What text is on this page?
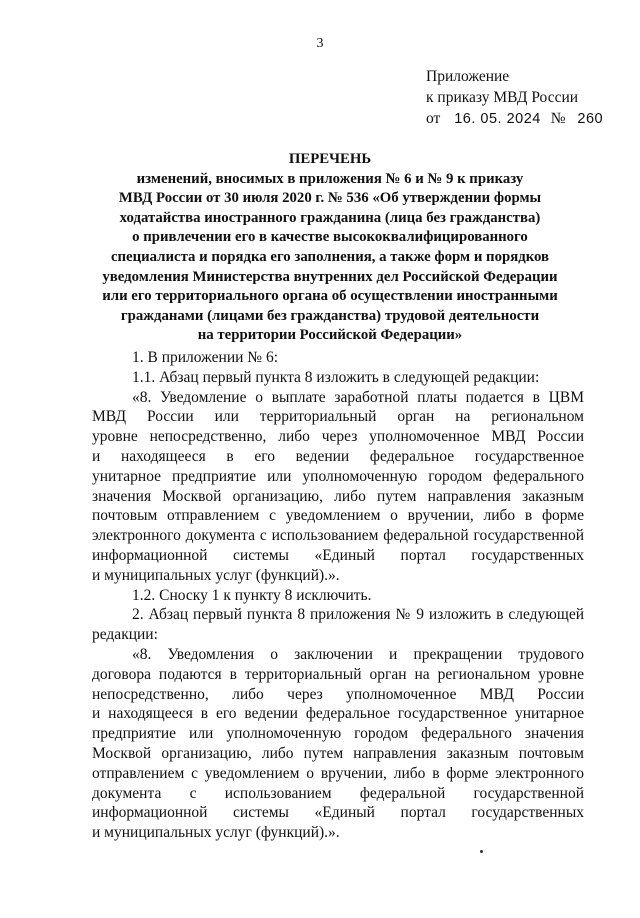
3
Приложение
к приказу МВД России
от 16. 05. 2024 № 260
ПЕРЕЧЕНЬ
изменений, вносимых в приложения № 6 и № 9 к приказу
МВД России от 30 июля 2020 г. № 536 «Об утверждении формы
ходатайства иностранного гражданина (лица без гражданства)
о привлечении его в качестве высококвалифицированного
специалиста и порядка его заполнения, а также форм и порядков
уведомления Министерства внутренних дел Российской Федерации
или его территориального органа об осуществлении иностранными
гражданами (лицами без гражданства) трудовой деятельности
на территории Российской Федерации»

1. В приложении № 6:

1.1. Абзац первый пункта 8 изложить в следующей редакции:

«8. Уведомление о выплате заработной платы подается в ЦВМ

МВД России или территориальный орган на региональном

уровне непосредственно, либо через уполномоченное МВД России

и находящееся в его ведении федеральное государственное

унитарное предприятие или уполномоченную городом федерального

значения Москвой организацию, либо путем направления заказным

почтовым отправлением с уведомлением о вручении, либо в форме

электронного документа с использованием федеральной государственной

информационной системы «Единый портал государственных

и муниципальных услуг (функций).».

1.2. Сноску 1 к пункту 8 исключить.

2. Абзац первый пункта 8 приложения № 9 изложить в следующей

редакции:

«8. Уведомления о заключении и прекращении трудового

договора подаются в территориальный орган на региональном уровне

непосредственно, либо через уполномоченное МВД России

и находящееся в его ведении федеральное государственное унитарное

предприятие или уполномоченную городом федерального значения

Москвой организацию, либо путем направления заказным почтовым

отправлением с уведомлением о вручении, либо в форме электронного

документа с использованием федеральной государственной

информационной системы «Единый портал государственных

и муниципальных услуг (функций).».
